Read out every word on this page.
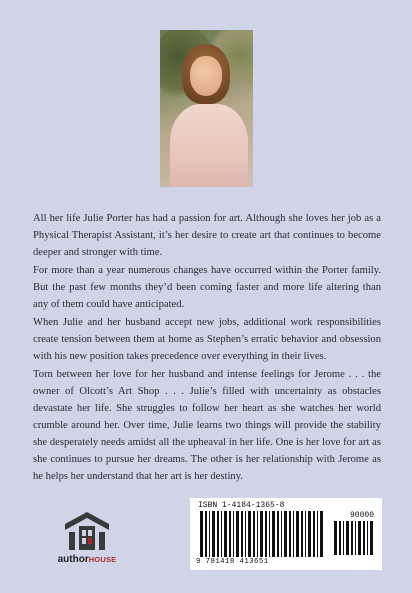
All her life Julie Porter has had a passion for art. Although she loves her job as a Physical Therapist Assistant, it’s her desire to create art that continues to become deeper and stronger with time.

For more than a year numerous changes have occurred within the Porter family. But the past few months they’d been coming faster and more life altering than any of them could have anticipated.

When Julie and her husband accept new jobs, additional work responsibilities create tension between them at home as Stephen’s erratic behavior and obsession with his new position takes precedence over everything in their lives.

Torn between her love for her husband and intense feelings for Jerome . . . the owner of Olcott’s Art Shop . . . Julie’s filled with uncertainty as obstacles devastate her life. She struggles to follow her heart as she watches her world crumble around her. Over time, Julie learns two things will provide the stability she desperately needs amidst all the upheaval in her life. One is her love for art as she continues to pursue her dreams. The other is her relationship with Jerome as he helps her understand that her art is her destiny.

authorHOUSE
ISBN 1-4184-1365-8
90000
9 781418 413651
